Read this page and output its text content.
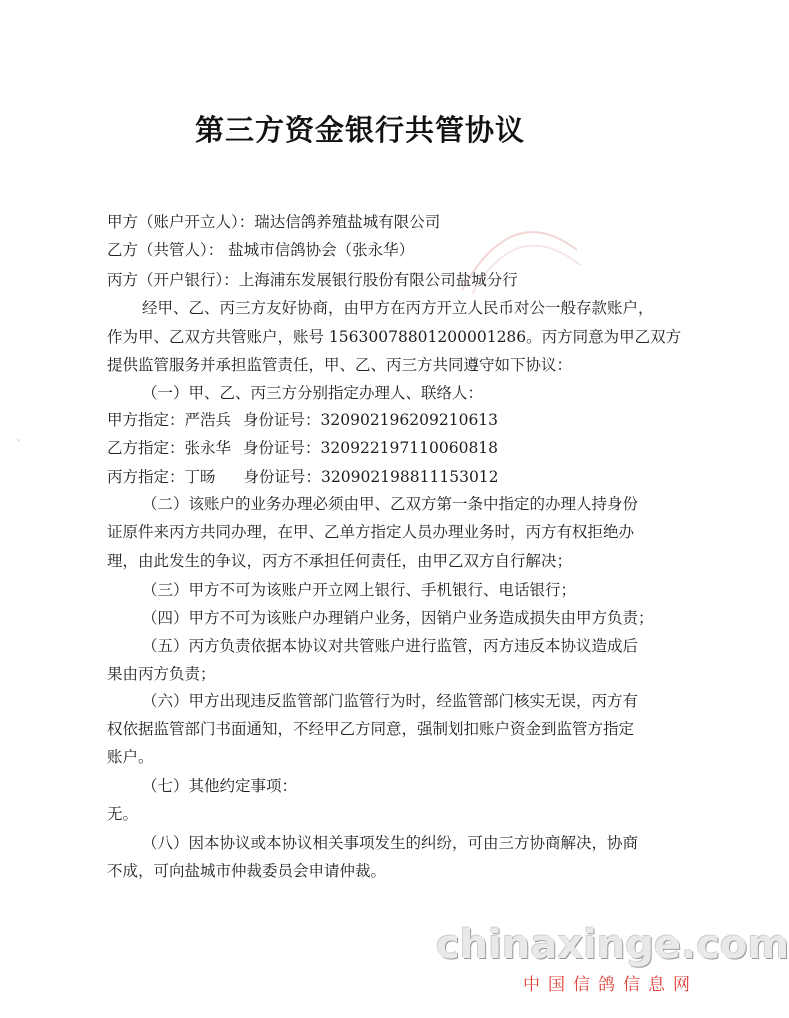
第三方资金银行共管协议
甲方（账户开立人）：瑞达信鸽养殖盐城有限公司
乙方（共管人）： 盐城市信鸽协会（张永华）
丙方（开户银行）：上海浦东发展银行股份有限公司盐城分行
经甲、乙、丙三方友好协商，由甲方在丙方开立人民币对公一般存款账户，
作为甲、乙双方共管账户，账号 15630078801200001286。丙方同意为甲乙双方
提供监管服务并承担监管责任，甲、乙、丙三方共同遵守如下协议：
（一）甲、乙、丙三方分别指定办理人、联络人：
甲方指定：严浩兵 身份证号：320902196209210613
乙方指定：张永华 身份证号：320922197110060818
丙方指定：丁旸 身份证号：320902198811153012
（二）该账户的业务办理必须由甲、乙双方第一条中指定的办理人持身份
证原件来丙方共同办理，在甲、乙单方指定人员办理业务时，丙方有权拒绝办
理，由此发生的争议，丙方不承担任何责任，由甲乙双方自行解决；
（三）甲方不可为该账户开立网上银行、手机银行、电话银行；
（四）甲方不可为该账户办理销户业务，因销户业务造成损失由甲方负责；
（五）丙方负责依据本协议对共管账户进行监管，丙方违反本协议造成后
果由丙方负责；
（六）甲方出现违反监管部门监管行为时，经监管部门核实无误，丙方有
权依据监管部门书面通知，不经甲乙方同意，强制划扣账户资金到监管方指定
账户。
（七）其他约定事项：
无。
（八）因本协议或本协议相关事项发生的纠纷，可由三方协商解决，协商
不成，可向盐城市仲裁委员会申请仲裁。
`
chinaxinge.com
中国信鸽信息网
